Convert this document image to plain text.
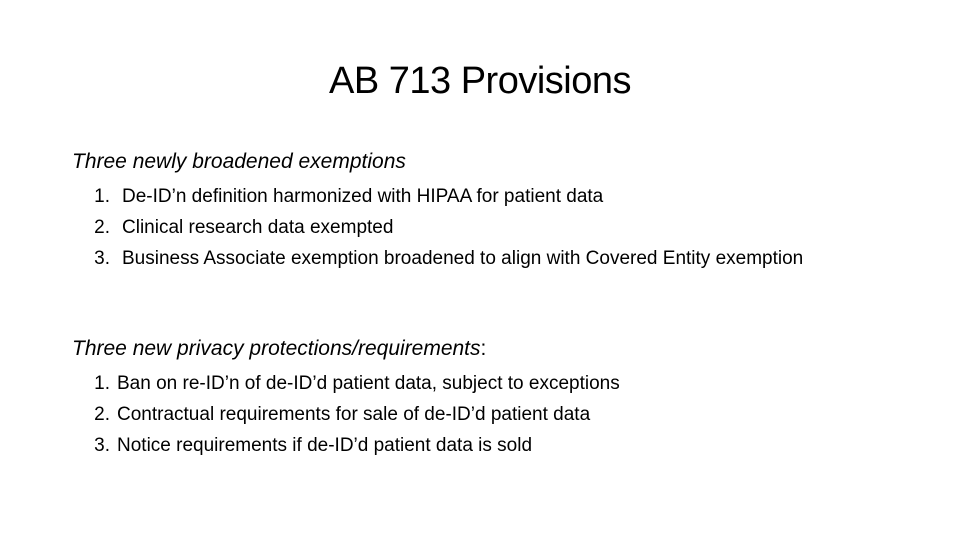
AB 713 Provisions

Three newly broadened exemptions

1. De-ID’n definition harmonized with HIPAA for patient data
2. Clinical research data exempted
3. Business Associate exemption broadened to align with Covered Entity exemption

Three new privacy protections/requirements:

1. Ban on re-ID’n of de-ID’d patient data, subject to exceptions
2. Contractual requirements for sale of de-ID’d patient data
3. Notice requirements if de-ID’d patient data is sold
